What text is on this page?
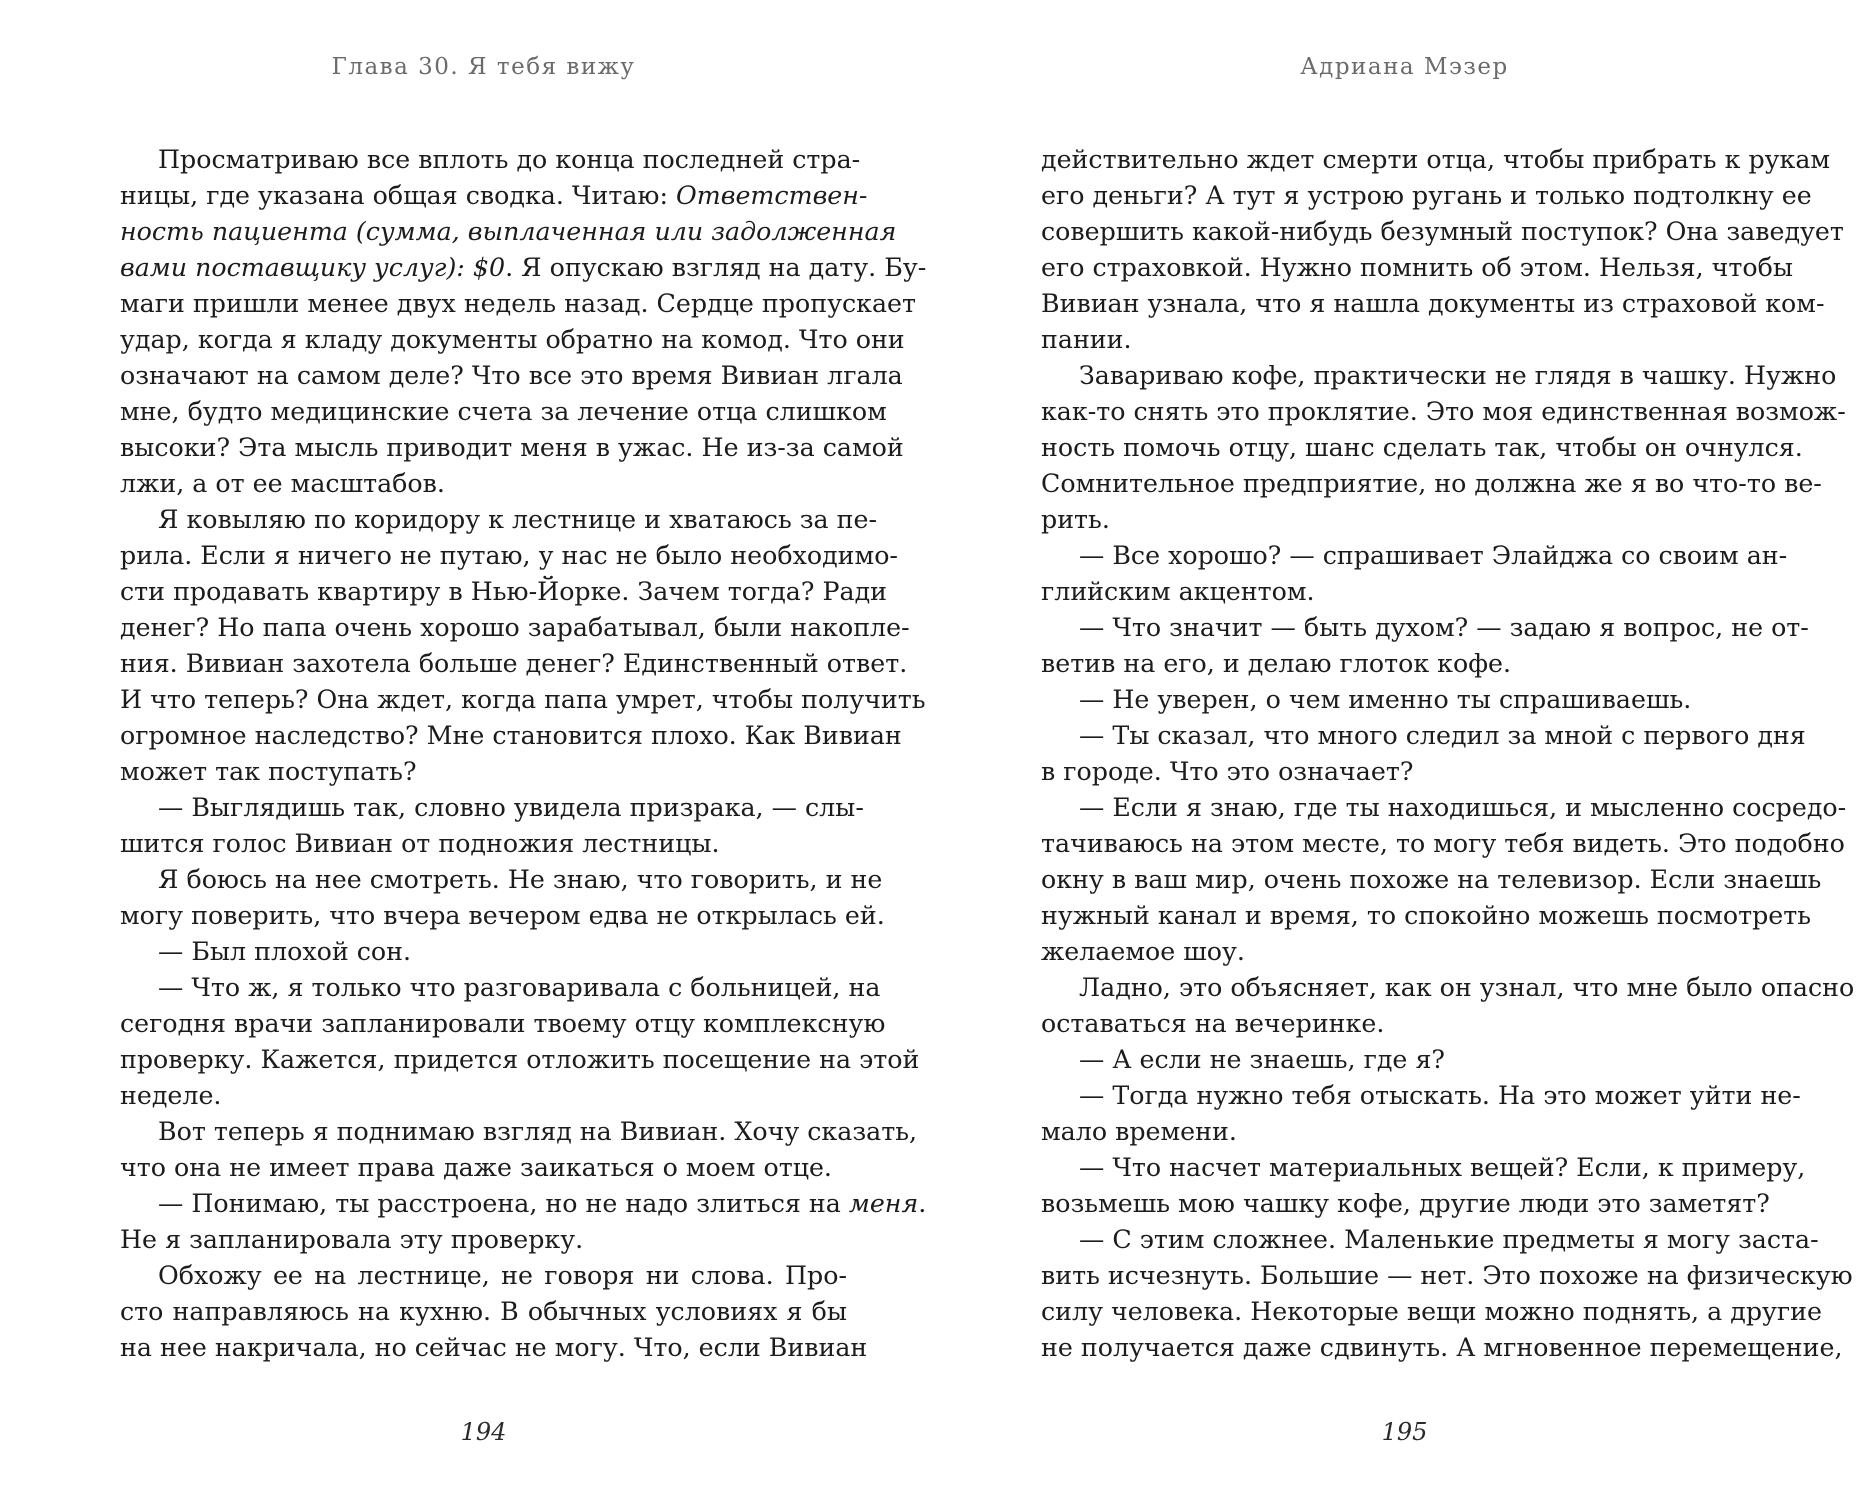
Глава 30. Я тебя вижу
Просматриваю все вплоть до конца последней стра-
ницы, где указана общая сводка. Читаю: Ответствен-
ность пациента (сумма, выплаченная или задолженная
вами поставщику услуг): $0. Я опускаю взгляд на дату. Бу-
маги пришли менее двух недель назад. Сердце пропускает
удар, когда я кладу документы обратно на комод. Что они
означают на самом деле? Что все это время Вивиан лгала
мне, будто медицинские счета за лечение отца слишком
высоки? Эта мысль приводит меня в ужас. Не из-за самой
лжи, а от ее масштабов.
Я ковыляю по коридору к лестнице и хватаюсь за пе-
рила. Если я ничего не путаю, у нас не было необходимо-
сти продавать квартиру в Нью-Йорке. Зачем тогда? Ради
денег? Но папа очень хорошо зарабатывал, были накопле-
ния. Вивиан захотела больше денег? Единственный ответ.
И что теперь? Она ждет, когда папа умрет, чтобы получить
огромное наследство? Мне становится плохо. Как Вивиан
может так поступать?
— Выглядишь так, словно увидела призрака, — слы-
шится голос Вивиан от подножия лестницы.
Я боюсь на нее смотреть. Не знаю, что говорить, и не
могу поверить, что вчера вечером едва не открылась ей.
— Был плохой сон.
— Что ж, я только что разговаривала с больницей, на
сегодня врачи запланировали твоему отцу комплексную
проверку. Кажется, придется отложить посещение на этой
неделе.
Вот теперь я поднимаю взгляд на Вивиан. Хочу сказать,
что она не имеет права даже заикаться о моем отце.
— Понимаю, ты расстроена, но не надо злиться на меня.
Не я запланировала эту проверку.
Обхожу ее на лестнице, не говоря ни слова. Про-
сто направляюсь на кухню. В обычных условиях я бы
на нее накричала, но сейчас не могу. Что, если Вивиан
194
Адриана Мэзер
действительно ждет смерти отца, чтобы прибрать к рукам
его деньги? А тут я устрою ругань и только подтолкну ее
совершить какой-нибудь безумный поступок? Она заведует
его страховкой. Нужно помнить об этом. Нельзя, чтобы
Вивиан узнала, что я нашла документы из страховой ком-
пании.
Завариваю кофе, практически не глядя в чашку. Нужно
как-то снять это проклятие. Это моя единственная возмож-
ность помочь отцу, шанс сделать так, чтобы он очнулся.
Сомнительное предприятие, но должна же я во что-то ве-
рить.
— Все хорошо? — спрашивает Элайджа со своим ан-
глийским акцентом.
— Что значит — быть духом? — задаю я вопрос, не от-
ветив на его, и делаю глоток кофе.
— Не уверен, о чем именно ты спрашиваешь.
— Ты сказал, что много следил за мной с первого дня
в городе. Что это означает?
— Если я знаю, где ты находишься, и мысленно сосредо-
тачиваюсь на этом месте, то могу тебя видеть. Это подобно
окну в ваш мир, очень похоже на телевизор. Если знаешь
нужный канал и время, то спокойно можешь посмотреть
желаемое шоу.
Ладно, это объясняет, как он узнал, что мне было опасно
оставаться на вечеринке.
— А если не знаешь, где я?
— Тогда нужно тебя отыскать. На это может уйти не-
мало времени.
— Что насчет материальных вещей? Если, к примеру,
возьмешь мою чашку кофе, другие люди это заметят?
— С этим сложнее. Маленькие предметы я могу заста-
вить исчезнуть. Большие — нет. Это похоже на физическую
силу человека. Некоторые вещи можно поднять, а другие
не получается даже сдвинуть. А мгновенное перемещение,
195
